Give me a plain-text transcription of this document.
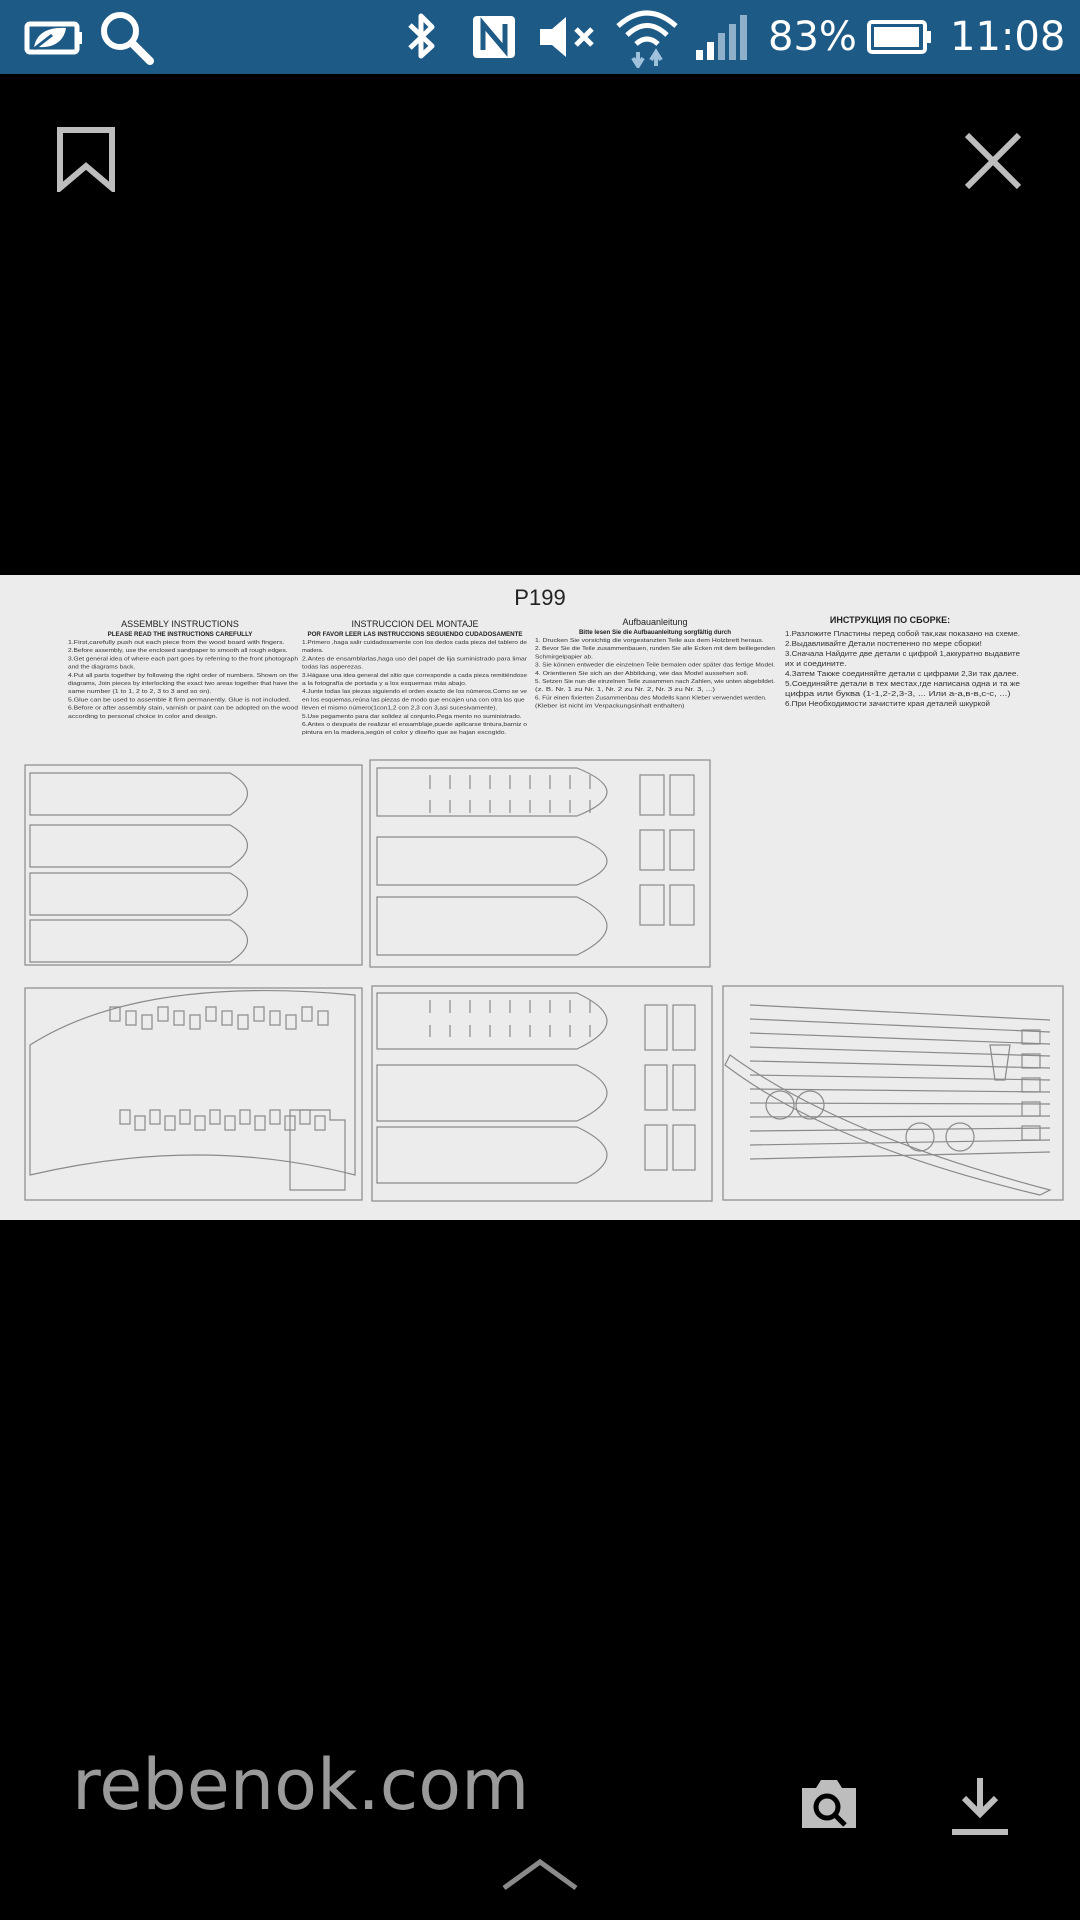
83% 11:08
P199
ASSEMBLY INSTRUCTIONS
PLEASE READ THE INSTRUCTIONS CAREFULLY
1.First,carefully push out each piece from the wood board with fingers.
2.Before assembly, use the enclosed sandpaper to smooth all rough edges.
3.Get general idea of where each part goes by referring to the front photograph
and the diagrams back.
4.Put all parts together by following the right order of numbers. Shown on the
diagrams, Join pieces by interlocking the exact two areas together that have the
same number (1 to 1, 2 to 2, 3 to 3 and so on).
5.Glue can be used to assemble it firm permanently. Glue is not included.
6.Before or after assembly stain, varnish or paint can be adopted on the wood
according to personal choice in color and design.
INSTRUCCION DEL MONTAJE
POR FAVOR LEER LAS INSTRUCCIONS SEGUIENDO CUDADOSAMENTE
1.Primero ,haga salir cuidadosamente con los dedos cada pieza del tablero de
madera.
2.Antes de ensamblarlas,haga uso del papel de lija suministrado para limar
todas las asperezas.
3.Hágase una idea general del sitio que corresponde a cada pieza remitiéndose
a la fotografía de portada y a los esquemas más abajo.
4.Junte todas las piezas siguiendo el orden exacto de los números.Como se ve
en los esquemas,reúna las piezas de modo que encajen una con otra las que
lleven el mismo número(1con1,2 con 2,3 con 3,asi sucesivamente).
5.Use pegamento para dar solidez al conjunto.Pega mento no suministrado.
6.Antes o después de realizar el ensamblaje,puede aplicarse tintura,barniz o
pintura en la madera,según el color y diseño que se hajan escogido.
Aufbauanleitung
Bitte lesen Sie die Aufbauanleitung sorgfältig durch
1. Drucken Sie vorsichtig die vorgestanzten Teile aus dem Holzbrett heraus.
2. Bevor Sie die Teile zusammenbauen, runden Sie alle Ecken mit dem beiliegenden
Schmirgelpapier ab.
3. Sie können entweder die einzelnen Teile bemalen oder später das fertige Model.
4. Orientieren Sie sich an der Abbildung, wie das Model aussehen soll.
5. Setzen Sie nun die einzelnen Teile zusammen nach Zahlen, wie unten abgebildet.
(z. B. Nr. 1 zu Nr. 1, Nr. 2 zu Nr. 2, Nr. 3 zu Nr. 3, ...)
6. Für einen fixierten Zusammenbau des Modells kann Kleber verwendet werden.
(Kleber ist nicht im Verpackungsinhalt enthalten)
ИНСТРУКЦИЯ ПО СБОРКЕ:
1.Разложите Пластины перед собой так,как показано на схеме.
2.Выдавливайте Детали постепенно по мере сборки!
3.Сначала Найдите две детали с цифрой 1,аккуратно выдавите
их и соедините.
4.Затем Также соединяйте детали с цифрами 2,3и так далее.
5.Соединяйте детали в тех местах,где написана одна и та же
цифра или буква (1-1,2-2,3-3, ... Или а-а,в-в,с-с, ...)
6.При Необходимости зачистите края деталей шкуркой
rebenok.com
